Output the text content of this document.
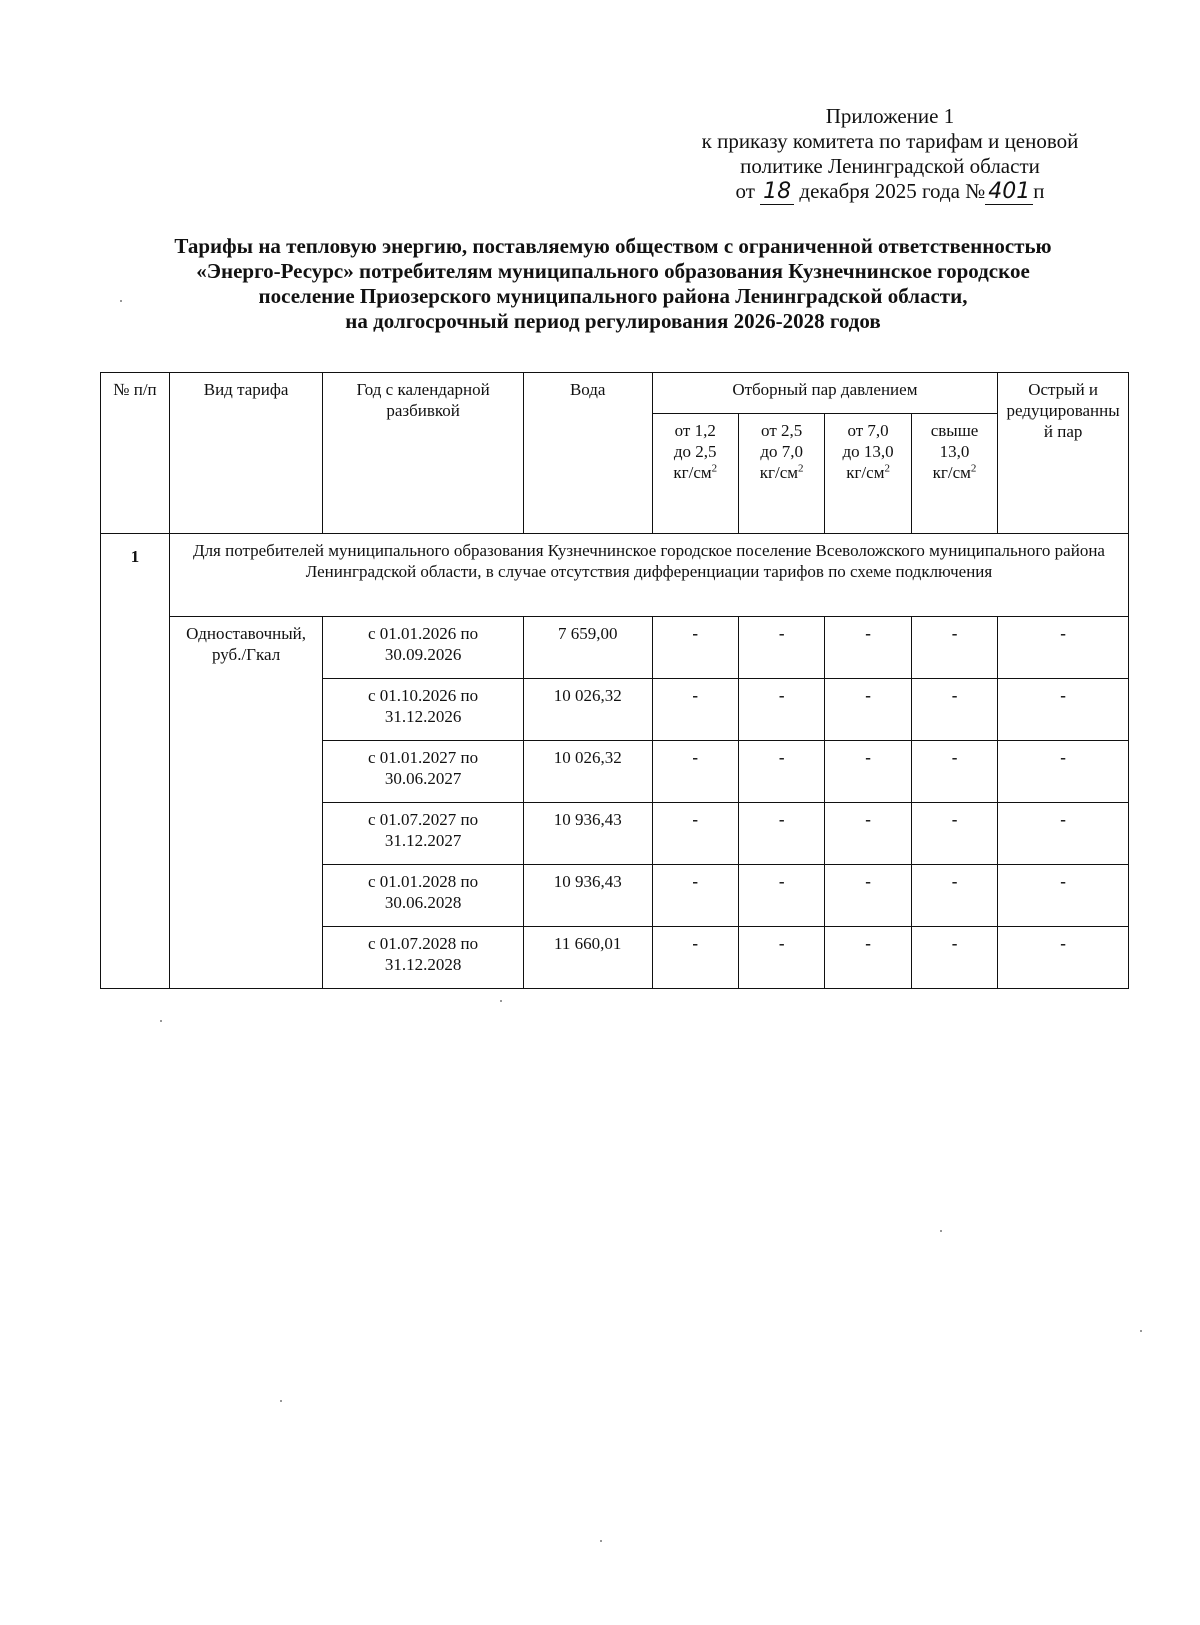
Приложение 1
к приказу комитета по тарифам и ценовой
политике Ленинградской области
от 18 декабря 2025 года № 401 п
Тарифы на тепловую энергию, поставляемую обществом с ограниченной ответственностью
«Энерго-Ресурс» потребителям муниципального образования Кузнечнинское городское
поселение Приозерского муниципального района Ленинградской области,
на долгосрочный период регулирования 2026-2028 годов
№ п/п	Вид тарифа	Год с календарной разбивкой	Вода	Отборный пар давлением				Острый и редуцированный пар
				от 1,2
до 2,5
$кг/см^2$	от 2,5
до 7,0
$кг/см^2$	от 7,0
до 13,0
$кг/см^2$	свыше
13,0
$кг/см^2$
1	Для потребителей муниципального образования Кузнечнинское городское поселение Всеволожского муниципального района Ленинградской области, в случае отсутствия дифференциации тарифов по схеме подключения							
	Одноставочный, руб./Гкал	с 01.01.2026 по
30.09.2026	7 659,00	-	-	-	-	-
		с 01.10.2026 по
31.12.2026	10 026,32	-	-	-	-	-
		с 01.01.2027 по
30.06.2027	10 026,32	-	-	-	-	-
		с 01.07.2027 по
31.12.2027	10 936,43	-	-	-	-	-
		с 01.01.2028 по
30.06.2028	10 936,43	-	-	-	-	-
		с 01.07.2028 по
31.12.2028	11 660,01	-	-	-	-	-
